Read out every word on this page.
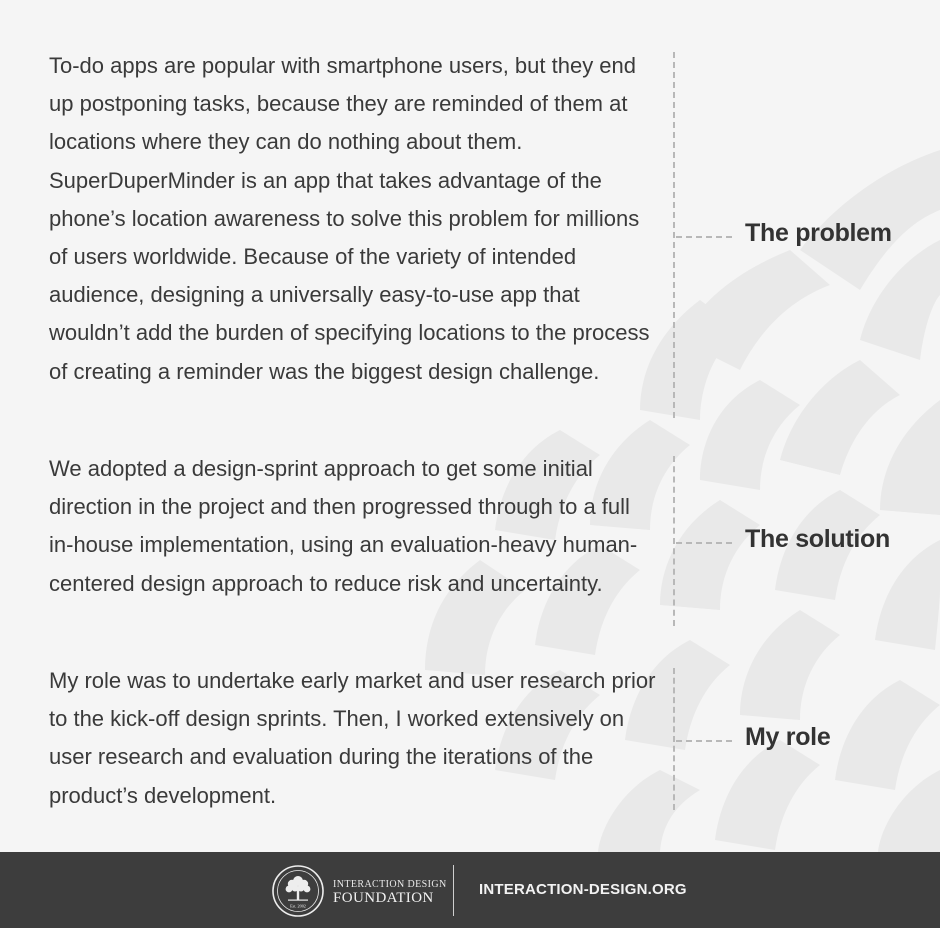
To-do apps are popular with smartphone users, but they end up postponing tasks, because they are reminded of them at locations where they can do nothing about them. SuperDuperMinder is an app that takes advantage of the phone’s location awareness to solve this problem for millions of users worldwide. Because of the variety of intended audience, designing a universally easy-to-use app that wouldn’t add the burden of specifying locations to the process of creating a reminder was the biggest design challenge.

We adopted a design-sprint approach to get some initial direction in the project and then progressed through to a full in-house implementation, using an evaluation-heavy human-centered design approach to reduce risk and uncertainty.

My role was to undertake early market and user research prior to the kick-off design sprints. Then, I worked extensively on user research and evaluation during the iterations of the product’s development.

The problem
The solution
My role
Est. 2002
INTERACTION DESIGN
FOUNDATION	INTERACTION-DESIGN.ORG
